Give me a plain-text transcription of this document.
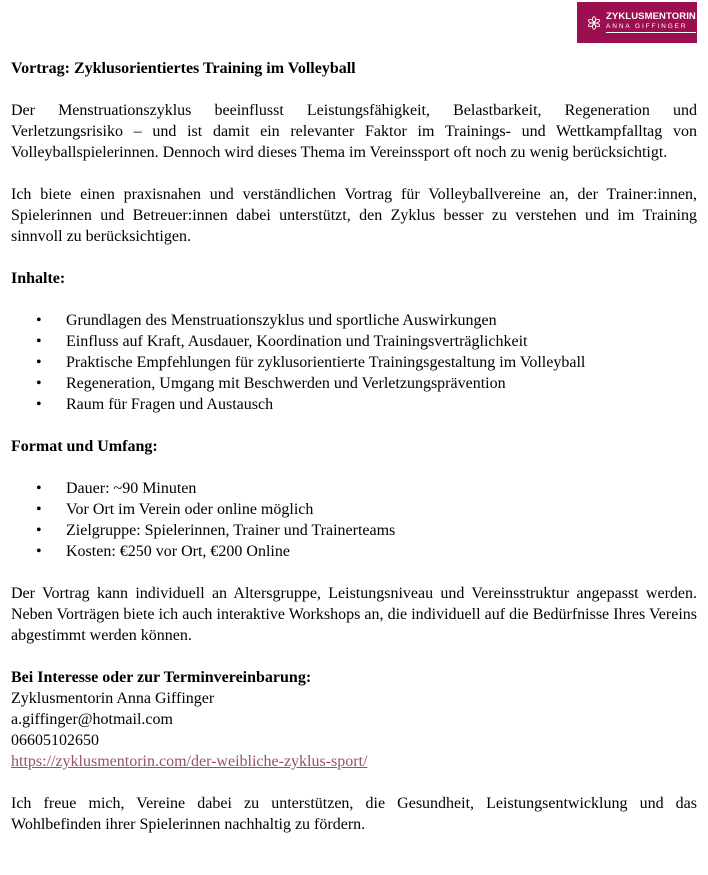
ZYKLUSMENTORIN
ANNA GIFFINGER
Vortrag: Zyklusorientiertes Training im Volleyball

Der Menstruationszyklus beeinflusst Leistungsfähigkeit, Belastbarkeit, Regeneration und Verletzungsrisiko – und ist damit ein relevanter Faktor im Trainings- und Wettkampfalltag von Volleyballspielerinnen. Dennoch wird dieses Thema im Vereinssport oft noch zu wenig berücksichtigt.

Ich biete einen praxisnahen und verständlichen Vortrag für Volleyballvereine an, der Trainer:innen, Spielerinnen und Betreuer:innen dabei unterstützt, den Zyklus besser zu verstehen und im Training sinnvoll zu berücksichtigen.

Inhalte:
• Grundlagen des Menstruationszyklus und sportliche Auswirkungen
• Einfluss auf Kraft, Ausdauer, Koordination und Trainingsverträglichkeit
• Praktische Empfehlungen für zyklusorientierte Trainingsgestaltung im Volleyball
• Regeneration, Umgang mit Beschwerden und Verletzungsprävention
• Raum für Fragen und Austausch
Format und Umfang:
• Dauer: ~90 Minuten
• Vor Ort im Verein oder online möglich
• Zielgruppe: Spielerinnen, Trainer und Trainerteams
• Kosten: €250 vor Ort, €200 Online

Der Vortrag kann individuell an Altersgruppe, Leistungsniveau und Vereinsstruktur angepasst werden. Neben Vorträgen biete ich auch interaktive Workshops an, die individuell auf die Bedürfnisse Ihres Vereins abgestimmt werden können.

Bei Interesse oder zur Terminvereinbarung:
Zyklusmentorin Anna Giffinger
a.giffinger@hotmail.com
06605102650
https://zyklusmentorin.com/der-weibliche-zyklus-sport/

Ich freue mich, Vereine dabei zu unterstützen, die Gesundheit, Leistungsentwicklung und das Wohlbefinden ihrer Spielerinnen nachhaltig zu fördern.
